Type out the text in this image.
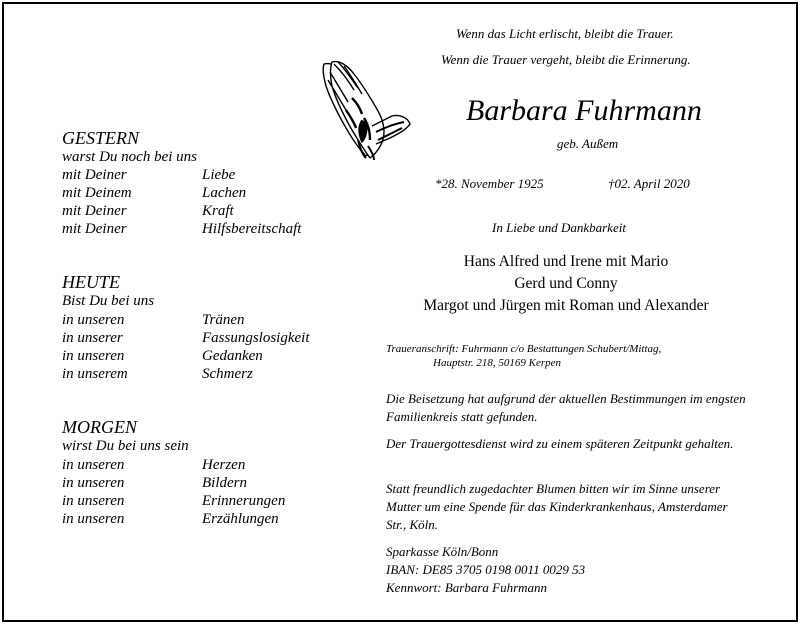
GESTERN
warst Du noch bei uns
mit Deiner	Liebe
mit Deinem	Lachen
mit Deiner	Kraft
mit Deiner	Hilfsbereitschaft
HEUTE
Bist Du bei uns
in unseren	Tränen
in unserer	Fassungslosigkeit
in unseren	Gedanken
in unserem	Schmerz
MORGEN
wirst Du bei uns sein
in unseren	Herzen
in unseren	Bildern
in unseren	Erinnerungen
in unseren	Erzählungen
Wenn das Licht erlischt, bleibt die Trauer.
Wenn die Trauer vergeht, bleibt die Erinnerung.
Barbara Fuhrmann
geb. Außem
*28. November 1925	†02. April 2020
In Liebe und Dankbarkeit
Hans Alfred und Irene mit Mario
Gerd und Conny
Margot und Jürgen mit Roman und Alexander
Traueranschrift: Fuhrmann c/o Bestattungen Schubert/Mittag,
Hauptstr. 218, 50169 Kerpen
Die Beisetzung hat aufgrund der aktuellen Bestimmungen im engsten Familienkreis statt gefunden.
Der Trauergottesdienst wird zu einem späteren Zeitpunkt gehalten.
Statt freundlich zugedachter Blumen bitten wir im Sinne unserer Mutter um eine Spende für das Kinderkrankenhaus, Amsterdamer Str., Köln.
Sparkasse Köln/Bonn
IBAN: DE85 3705 0198 0011 0029 53
Kennwort: Barbara Fuhrmann
